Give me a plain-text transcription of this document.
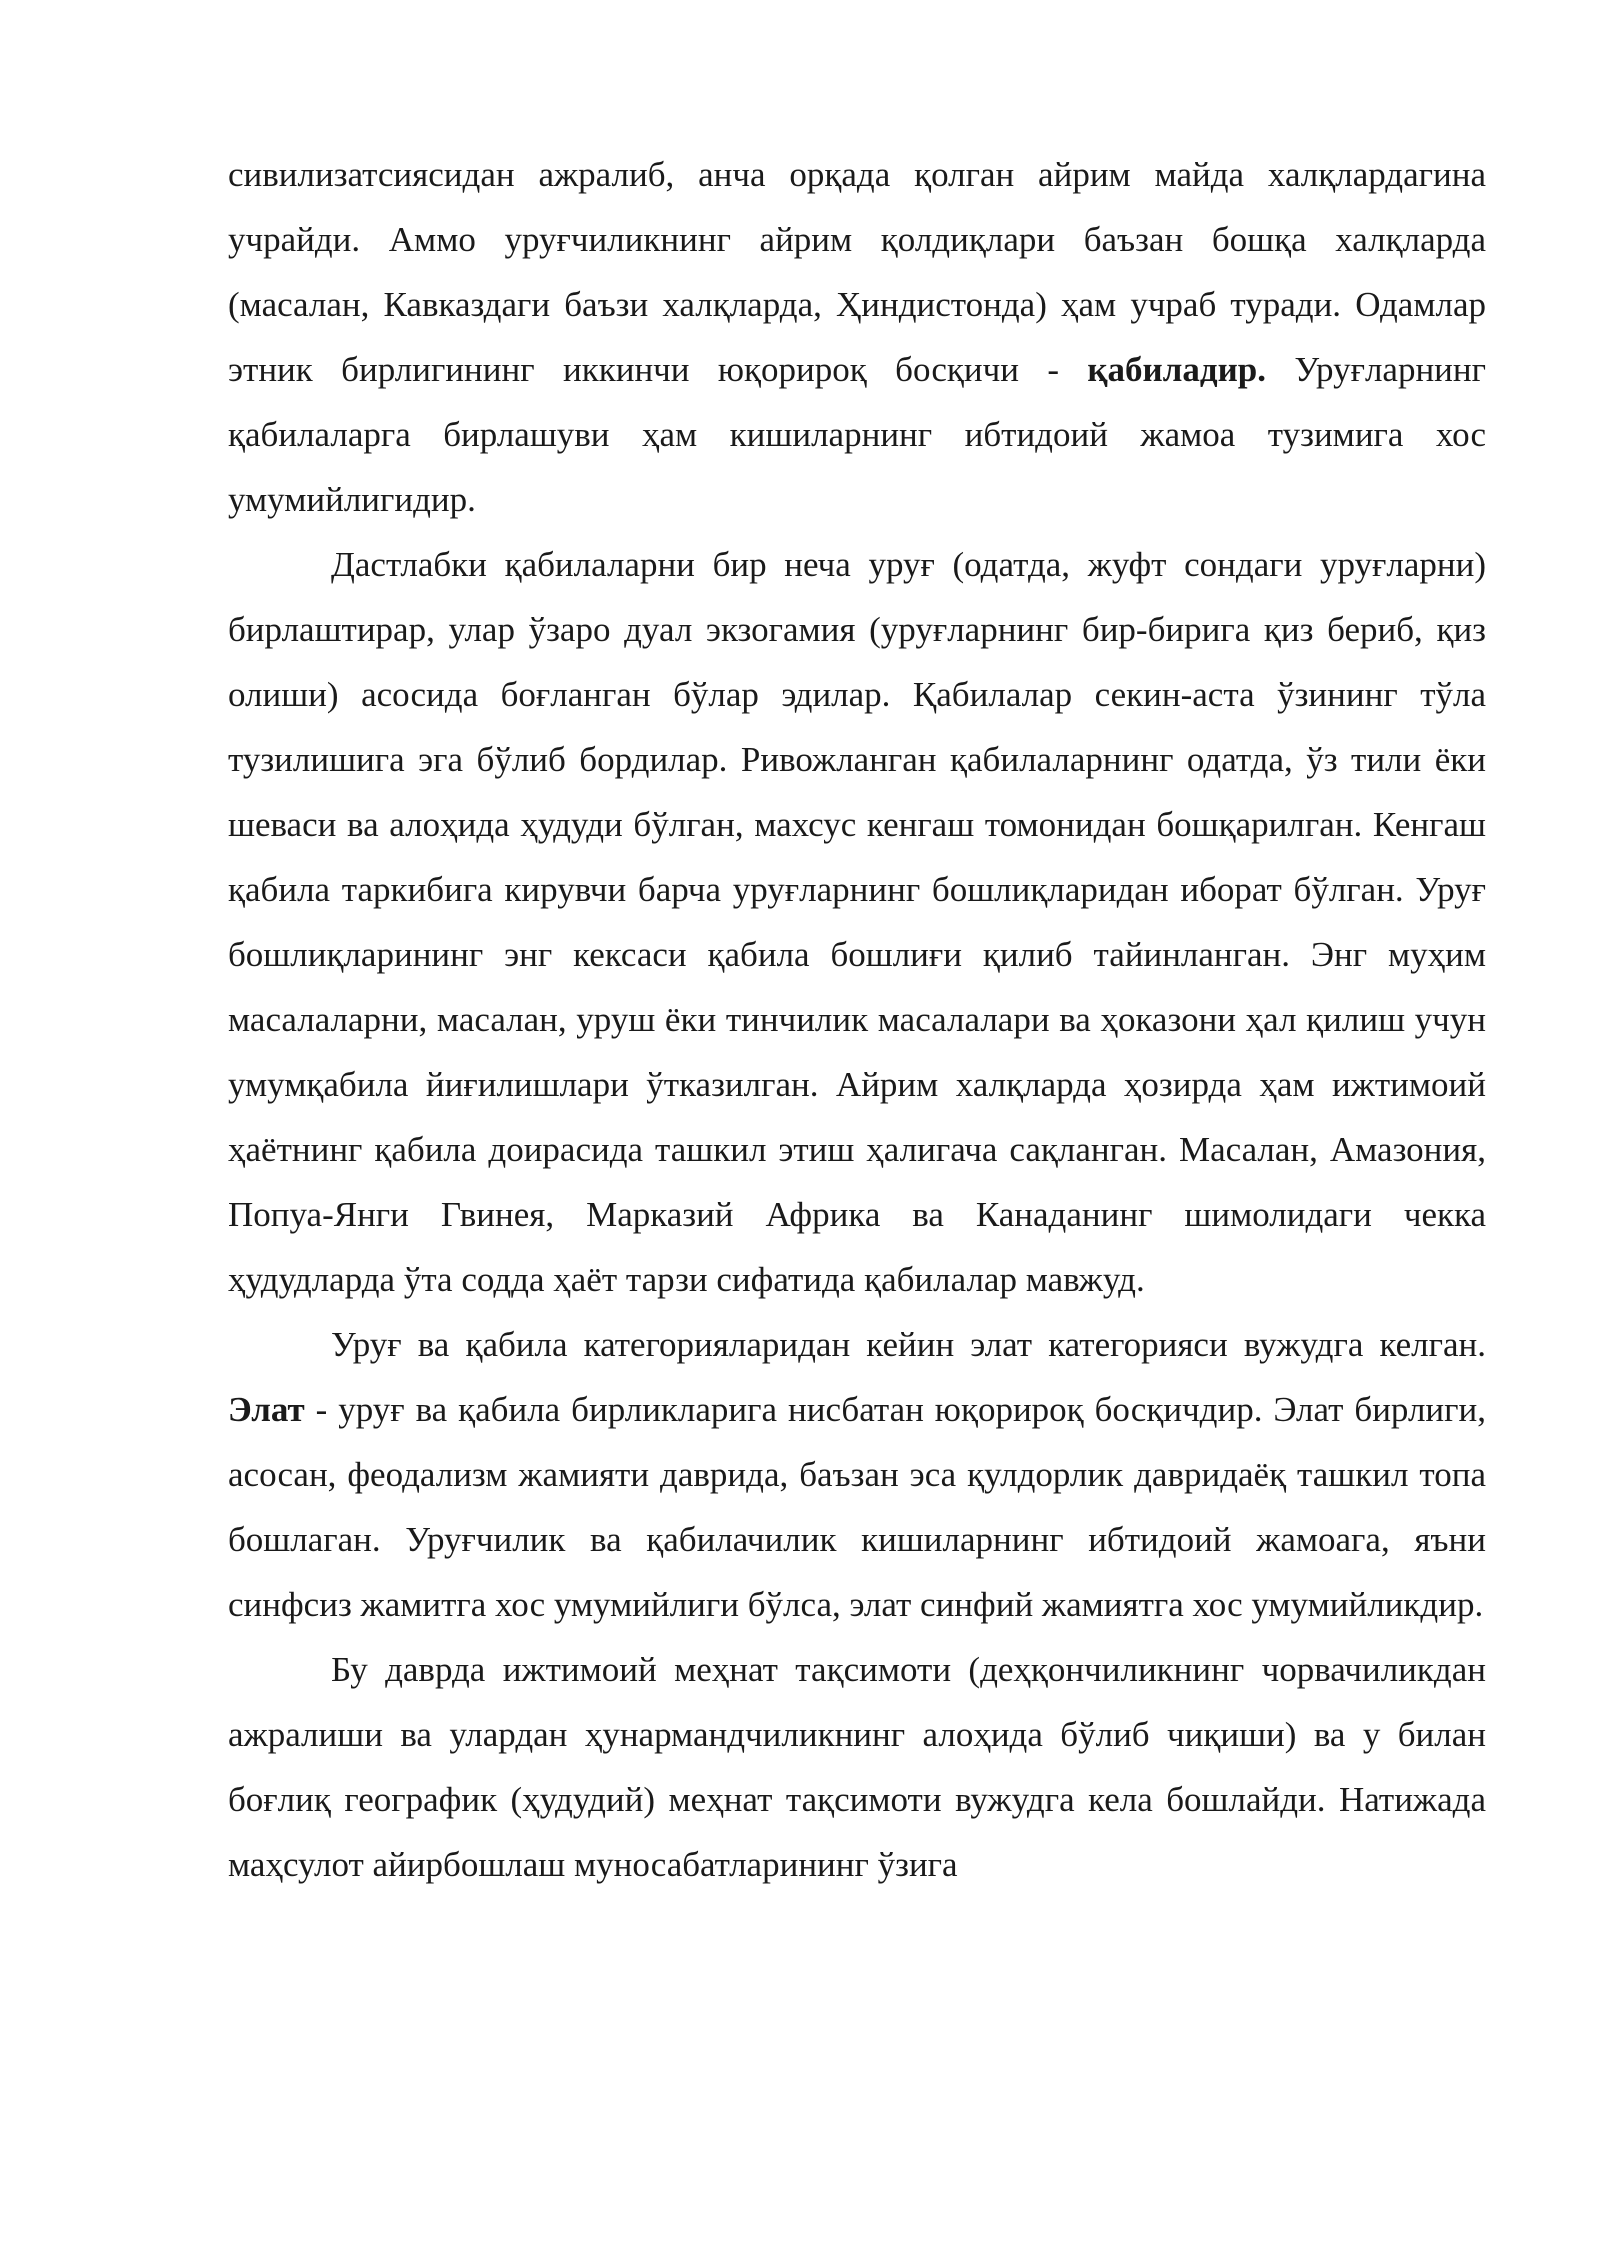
сивилизатсиясидан ажралиб, анча орқада қолган айрим майда халқлардагина учрайди. Аммо уруғчиликнинг айрим қолдиқлари баъзан бошқа халқларда (масалан, Кавказдаги баъзи халқларда, Ҳиндистонда) ҳам учраб туради. Одамлар этник бирлигининг иккинчи юқорироқ босқичи - қабиладир. Уруғларнинг қабилаларга бирлашуви ҳам кишиларнинг ибтидоий жамоа тузимига хос умумийлигидир.

Дастлабки қабилаларни бир неча уруғ (одатда, жуфт сондаги уруғларни) бирлаштирар, улар ўзаро дуал экзогамия (уруғларнинг бир-бирига қиз бериб, қиз олиши) асосида боғланган бўлар эдилар. Қабилалар секин-аста ўзининг тўла тузилишига эга бўлиб бордилар. Ривожланган қабилаларнинг одатда, ўз тили ёки шеваси ва алоҳида ҳудуди бўлган, махсус кенгаш томонидан бошқарилган. Кенгаш қабила таркибига кирувчи барча уруғларнинг бошлиқларидан иборат бўлган. Уруғ бошлиқларининг энг кексаси қабила бошлиғи қилиб тайинланган. Энг муҳим масалаларни, масалан, уруш ёки тинчилик масалалари ва ҳоказони ҳал қилиш учун умумқабила йиғилишлари ўтказилган. Айрим халқларда ҳозирда ҳам ижтимоий ҳаётнинг қабила доирасида ташкил этиш ҳалигача сақланган. Масалан, Амазония, Попуа-Янги Гвинея, Марказий Африка ва Канаданинг шимолидаги чекка ҳудудларда ўта содда ҳаёт тарзи сифатида қабилалар мавжуд.

Уруғ ва қабила категорияларидан кейин элат категорияси вужудга келган. Элат - уруғ ва қабила бирликларига нисбатан юқорироқ босқичдир. Элат бирлиги, асосан, феодализм жамияти даврида, баъзан эса қулдорлик давридаёқ ташкил топа бошлаган. Уруғчилик ва қабилачилик кишиларнинг ибтидоий жамоага, яъни синфсиз жамитга хос умумийлиги бўлса, элат синфий жамиятга хос умумийликдир.

Бу даврда ижтимоий меҳнат тақсимоти (деҳқончиликнинг чорвачиликдан ажралиши ва улардан ҳунармандчиликнинг алоҳида бўлиб чиқиши) ва у билан боғлиқ географик (ҳудудий) меҳнат тақсимоти вужудга кела бошлайди. Натижада маҳсулот айирбошлаш муносабатларининг ўзига
